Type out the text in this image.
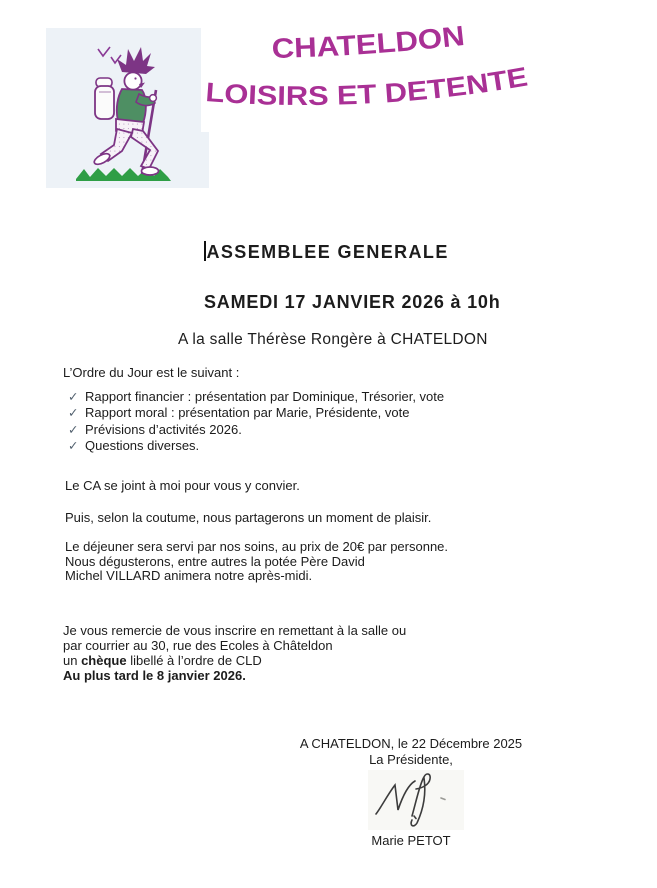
CHATELDON
LOISIRS ET DETENTE
ASSEMBLEE GENERALE
SAMEDI 17 JANVIER 2026 à 10h
A la salle Thérèse Rongère à CHATELDON
L’Ordre du Jour est le suivant :
✓ Rapport financier : présentation par Dominique, Trésorier, vote
✓ Rapport moral : présentation par Marie, Présidente, vote
✓ Prévisions d’activités 2026.
✓ Questions diverses.
Le CA se joint à moi pour vous y convier.
Puis, selon la coutume, nous partagerons un moment de plaisir.
Le déjeuner sera servi par nos soins, au prix de 20€ par personne.
Nous dégusterons, entre autres la potée Père David
Michel VILLARD animera notre après-midi.
Je vous remercie de vous inscrire en remettant à la salle ou
par courrier au 30, rue des Ecoles à Châteldon
un chèque libellé à l’ordre de CLD
Au plus tard le 8 janvier 2026.
A CHATELDON, le 22 Décembre 2025
La Présidente,
Marie PETOT
